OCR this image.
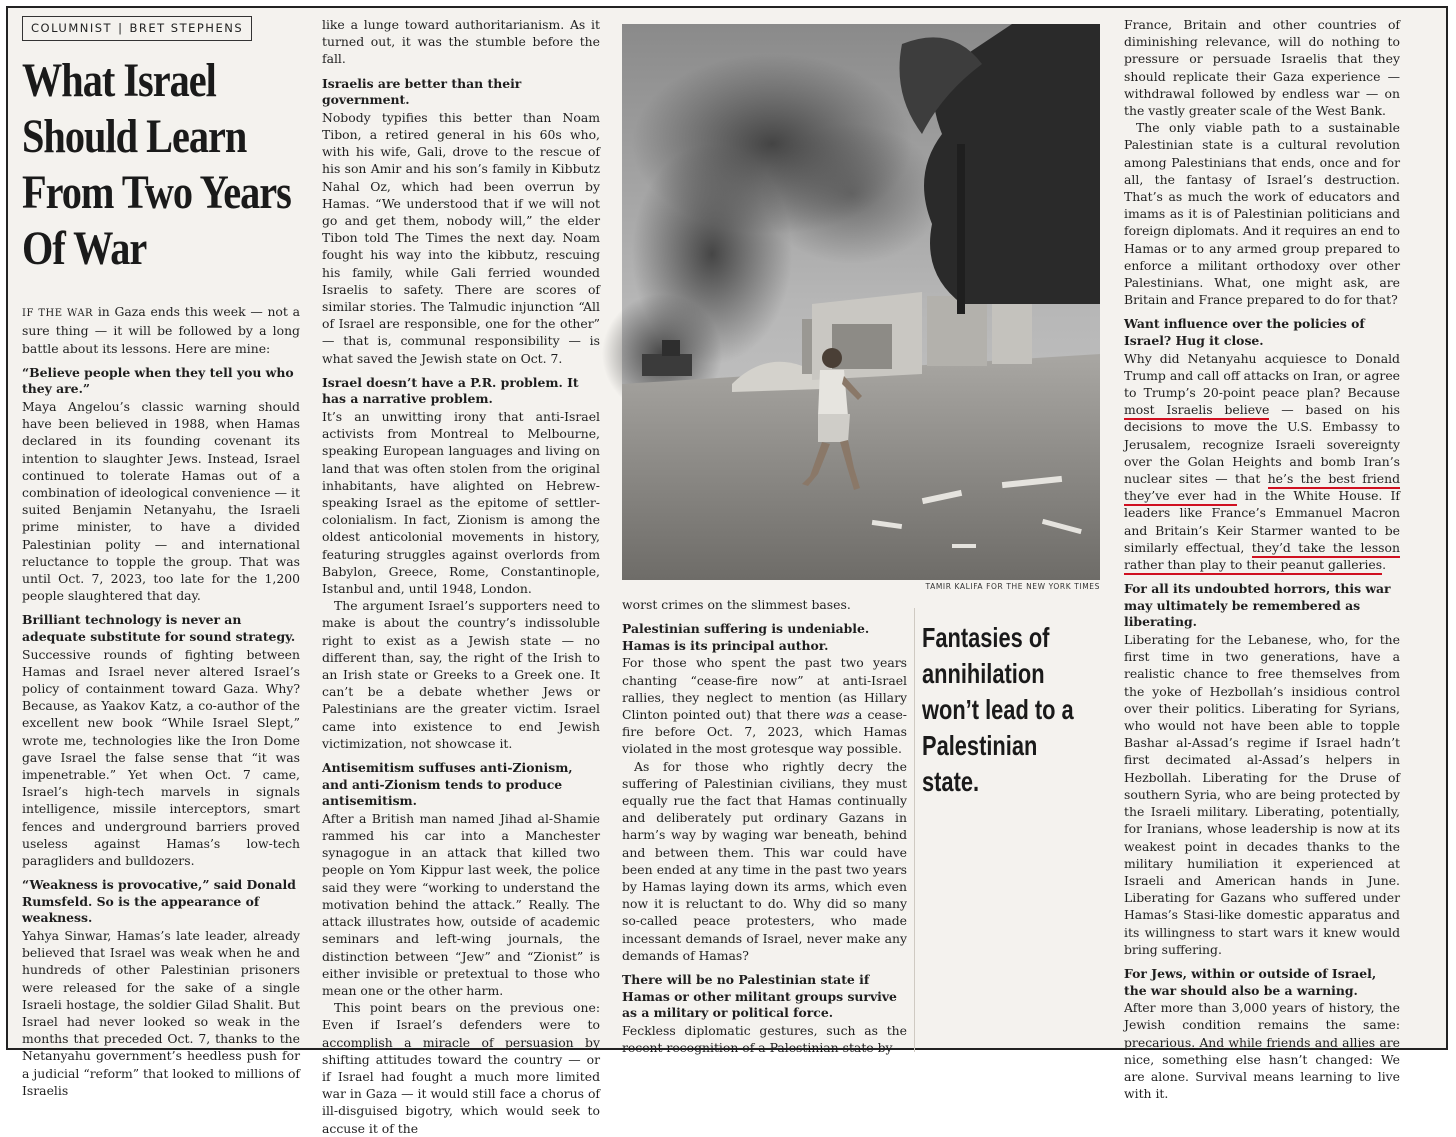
COLUMNIST | BRET STEPHENS
What Israel
Should Learn
From Two Years
Of War

IF THE WAR in Gaza ends this week — not a sure thing — it will be followed by a long battle about its lessons. Here are mine:

“Believe people when they tell you who they are.”

Maya Angelou’s classic warning should have been believed in 1988, when Hamas declared in its founding covenant its intention to slaughter Jews. Instead, Israel continued to tolerate Hamas out of a combination of ideological convenience — it suited Benjamin Netanyahu, the Israeli prime minister, to have a divided Palestinian polity — and international reluctance to topple the group. That was until Oct. 7, 2023, too late for the 1,200 people slaughtered that day.

Brilliant technology is never an adequate substitute for sound strategy.

Successive rounds of fighting between Hamas and Israel never altered Israel’s policy of containment toward Gaza. Why? Because, as Yaakov Katz, a co-author of the excellent new book “While Israel Slept,” wrote me, technologies like the Iron Dome gave Israel the false sense that “it was impenetrable.” Yet when Oct. 7 came, Israel’s high-tech marvels in signals intelligence, missile interceptors, smart fences and underground barriers proved useless against Hamas’s low-tech paragliders and bulldozers.

“Weakness is provocative,” said Donald Rumsfeld. So is the appearance of weakness.

Yahya Sinwar, Hamas’s late leader, already believed that Israel was weak when he and hundreds of other Palestinian prisoners were released for the sake of a single Israeli hostage, the soldier Gilad Shalit. But Israel had never looked so weak in the months that preceded Oct. 7, thanks to the Netanyahu government’s heedless push for a judicial “reform” that looked to millions of Israelis

like a lunge toward authoritarianism. As it turned out, it was the stumble before the fall.

Israelis are better than their government.

Nobody typifies this better than Noam Tibon, a retired general in his 60s who, with his wife, Gali, drove to the rescue of his son Amir and his son’s family in Kibbutz Nahal Oz, which had been overrun by Hamas. “We understood that if we will not go and get them, nobody will,” the elder Tibon told The Times the next day. Noam fought his way into the kibbutz, rescuing his family, while Gali ferried wounded Israelis to safety. There are scores of similar stories. The Talmudic injunction “All of Israel are responsible, one for the other” — that is, communal responsibility — is what saved the Jewish state on Oct. 7.

Israel doesn’t have a P.R. problem. It has a narrative problem.

It’s an unwitting irony that anti-Israel activists from Montreal to Melbourne, speaking European languages and living on land that was often stolen from the original inhabitants, have alighted on Hebrew-speaking Israel as the epitome of settler-colonialism. In fact, Zionism is among the oldest anticolonial movements in history, featuring struggles against overlords from Babylon, Greece, Rome, Constantinople, Istanbul and, until 1948, London.

The argument Israel’s supporters need to make is about the country’s indissoluble right to exist as a Jewish state — no different than, say, the right of the Irish to an Irish state or Greeks to a Greek one. It can’t be a debate whether Jews or Palestinians are the greater victim. Israel came into existence to end Jewish victimization, not showcase it.

Antisemitism suffuses anti-Zionism, and anti-Zionism tends to produce antisemitism.

After a British man named Jihad al-Shamie rammed his car into a Manchester synagogue in an attack that killed two people on Yom Kippur last week, the police said they were “working to understand the motivation behind the attack.” Really. The attack illustrates how, outside of academic seminars and left-wing journals, the distinction between “Jew” and “Zionist” is either invisible or pretextual to those who mean one or the other harm.

This point bears on the previous one: Even if Israel’s defenders were to accomplish a miracle of persuasion by shifting attitudes toward the country — or if Israel had fought a much more limited war in Gaza — it would still face a chorus of ill-disguised bigotry, which would seek to accuse it of the

TAMIR KALIFA FOR THE NEW YORK TIMES

worst crimes on the slimmest bases.

Palestinian suffering is undeniable. Hamas is its principal author.

For those who spent the past two years chanting “cease-fire now” at anti-Israel rallies, they neglect to mention (as Hillary Clinton pointed out) that there was a cease-fire before Oct. 7, 2023, which Hamas violated in the most grotesque way possible.

As for those who rightly decry the suffering of Palestinian civilians, they must equally rue the fact that Hamas continually and deliberately put ordinary Gazans in harm’s way by waging war beneath, behind and between them. This war could have been ended at any time in the past two years by Hamas laying down its arms, which even now it is reluctant to do. Why did so many so-called peace protesters, who made incessant demands of Israel, never make any demands of Hamas?

There will be no Palestinian state if Hamas or other militant groups survive as a military or political force.

Feckless diplomatic gestures, such as the recent recognition of a Palestinian state by

Fantasies of annihilation won’t lead to a Palestinian state.

France, Britain and other countries of diminishing relevance, will do nothing to pressure or persuade Israelis that they should replicate their Gaza experience — withdrawal followed by endless war — on the vastly greater scale of the West Bank.

The only viable path to a sustainable Palestinian state is a cultural revolution among Palestinians that ends, once and for all, the fantasy of Israel’s destruction. That’s as much the work of educators and imams as it is of Palestinian politicians and foreign diplomats. And it requires an end to Hamas or to any armed group prepared to enforce a militant orthodoxy over other Palestinians. What, one might ask, are Britain and France prepared to do for that?

Want influence over the policies of Israel? Hug it close.

Why did Netanyahu acquiesce to Donald Trump and call off attacks on Iran, or agree to Trump’s 20-point peace plan? Because most Israelis believe — based on his decisions to move the U.S. Embassy to Jerusalem, recognize Israeli sovereignty over the Golan Heights and bomb Iran’s nuclear sites — that he’s the best friend they’ve ever had in the White House. If leaders like France’s Emmanuel Macron and Britain’s Keir Starmer wanted to be similarly effectual, they’d take the lesson rather than play to their peanut galleries.

For all its undoubted horrors, this war may ultimately be remembered as liberating.

Liberating for the Lebanese, who, for the first time in two generations, have a realistic chance to free themselves from the yoke of Hezbollah’s insidious control over their politics. Liberating for Syrians, who would not have been able to topple Bashar al-Assad’s regime if Israel hadn’t first decimated al-Assad’s helpers in Hezbollah. Liberating for the Druse of southern Syria, who are being protected by the Israeli military. Liberating, potentially, for Iranians, whose leadership is now at its weakest point in decades thanks to the military humiliation it experienced at Israeli and American hands in June. Liberating for Gazans who suffered under Hamas’s Stasi-like domestic apparatus and its willingness to start wars it knew would bring suffering.

For Jews, within or outside of Israel, the war should also be a warning.

After more than 3,000 years of history, the Jewish condition remains the same: precarious. And while friends and allies are nice, something else hasn’t changed: We are alone. Survival means learning to live with it.
